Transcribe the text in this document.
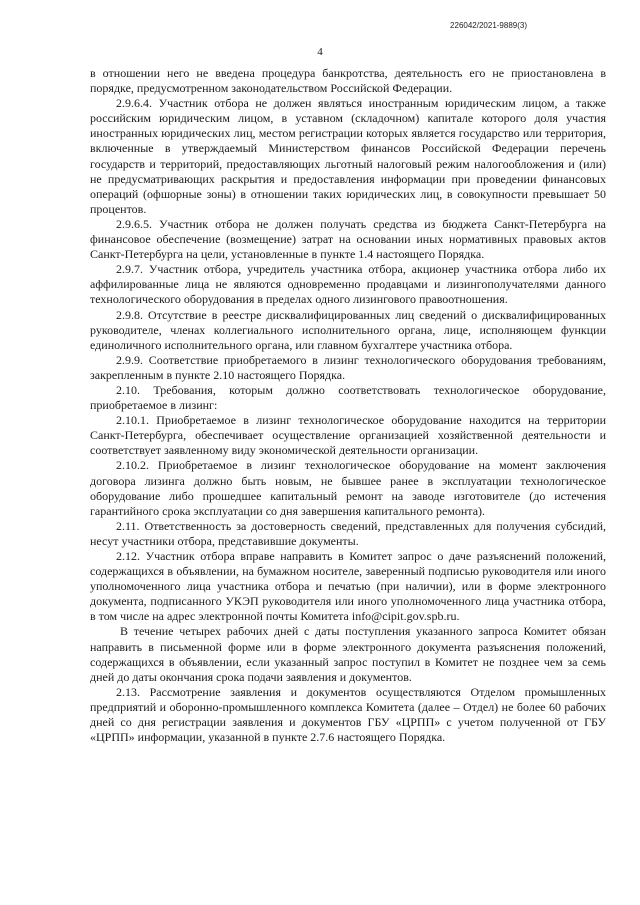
226042/2021-9889(3)
4

в отношении него не введена процедура банкротства, деятельность его не приостановлена в порядке, предусмотренном законодательством Российской Федерации.

2.9.6.4. Участник отбора не должен являться иностранным юридическим лицом, а также российским юридическим лицом, в уставном (складочном) капитале которого доля участия иностранных юридических лиц, местом регистрации которых является государство или территория, включенные в утверждаемый Министерством финансов Российской Федерации перечень государств и территорий, предоставляющих льготный налоговый режим налогообложения и (или) не предусматривающих раскрытия и предоставления информации при проведении финансовых операций (офшорные зоны) в отношении таких юридических лиц, в совокупности превышает 50 процентов.

2.9.6.5. Участник отбора не должен получать средства из бюджета Санкт-Петербурга на финансовое обеспечение (возмещение) затрат на основании иных нормативных правовых актов Санкт-Петербурга на цели, установленные в пункте 1.4 настоящего Порядка.

2.9.7. Участник отбора, учредитель участника отбора, акционер участника отбора либо их аффилированные лица не являются одновременно продавцами и лизингополучателями данного технологического оборудования в пределах одного лизингового правоотношения.

2.9.8. Отсутствие в реестре дисквалифицированных лиц сведений о дисквалифицированных руководителе, членах коллегиального исполнительного органа, лице, исполняющем функции единоличного исполнительного органа, или главном бухгалтере участника отбора.

2.9.9. Соответствие приобретаемого в лизинг технологического оборудования требованиям, закрепленным в пункте 2.10 настоящего Порядка.

2.10. Требования, которым должно соответствовать технологическое оборудование, приобретаемое в лизинг:

2.10.1. Приобретаемое в лизинг технологическое оборудование находится на территории Санкт-Петербурга, обеспечивает осуществление организацией хозяйственной деятельности и соответствует заявленному виду экономической деятельности организации.

2.10.2. Приобретаемое в лизинг технологическое оборудование на момент заключения договора лизинга должно быть новым, не бывшее ранее в эксплуатации технологическое оборудование либо прошедшее капитальный ремонт на заводе изготовителе (до истечения гарантийного срока эксплуатации со дня завершения капитального ремонта).

2.11. Ответственность за достоверность сведений, представленных для получения субсидий, несут участники отбора, представившие документы.

2.12. Участник отбора вправе направить в Комитет запрос о даче разъяснений положений, содержащихся в объявлении, на бумажном носителе, заверенный подписью руководителя или иного уполномоченного лица участника отбора и печатью (при наличии), или в форме электронного документа, подписанного УКЭП руководителя или иного уполномоченного лица участника отбора, в том числе на адрес электронной почты Комитета info@cipit.gov.spb.ru.

В течение четырех рабочих дней с даты поступления указанного запроса Комитет обязан направить в письменной форме или в форме электронного документа разъяснения положений, содержащихся в объявлении, если указанный запрос поступил в Комитет не позднее чем за семь дней до даты окончания срока подачи заявления и документов.

2.13. Рассмотрение заявления и документов осуществляются Отделом промышленных предприятий и оборонно-промышленного комплекса Комитета (далее – Отдел) не более 60 рабочих дней со дня регистрации заявления и документов ГБУ «ЦРПП» с учетом полученной от ГБУ «ЦРПП» информации, указанной в пункте 2.7.6 настоящего Порядка.
